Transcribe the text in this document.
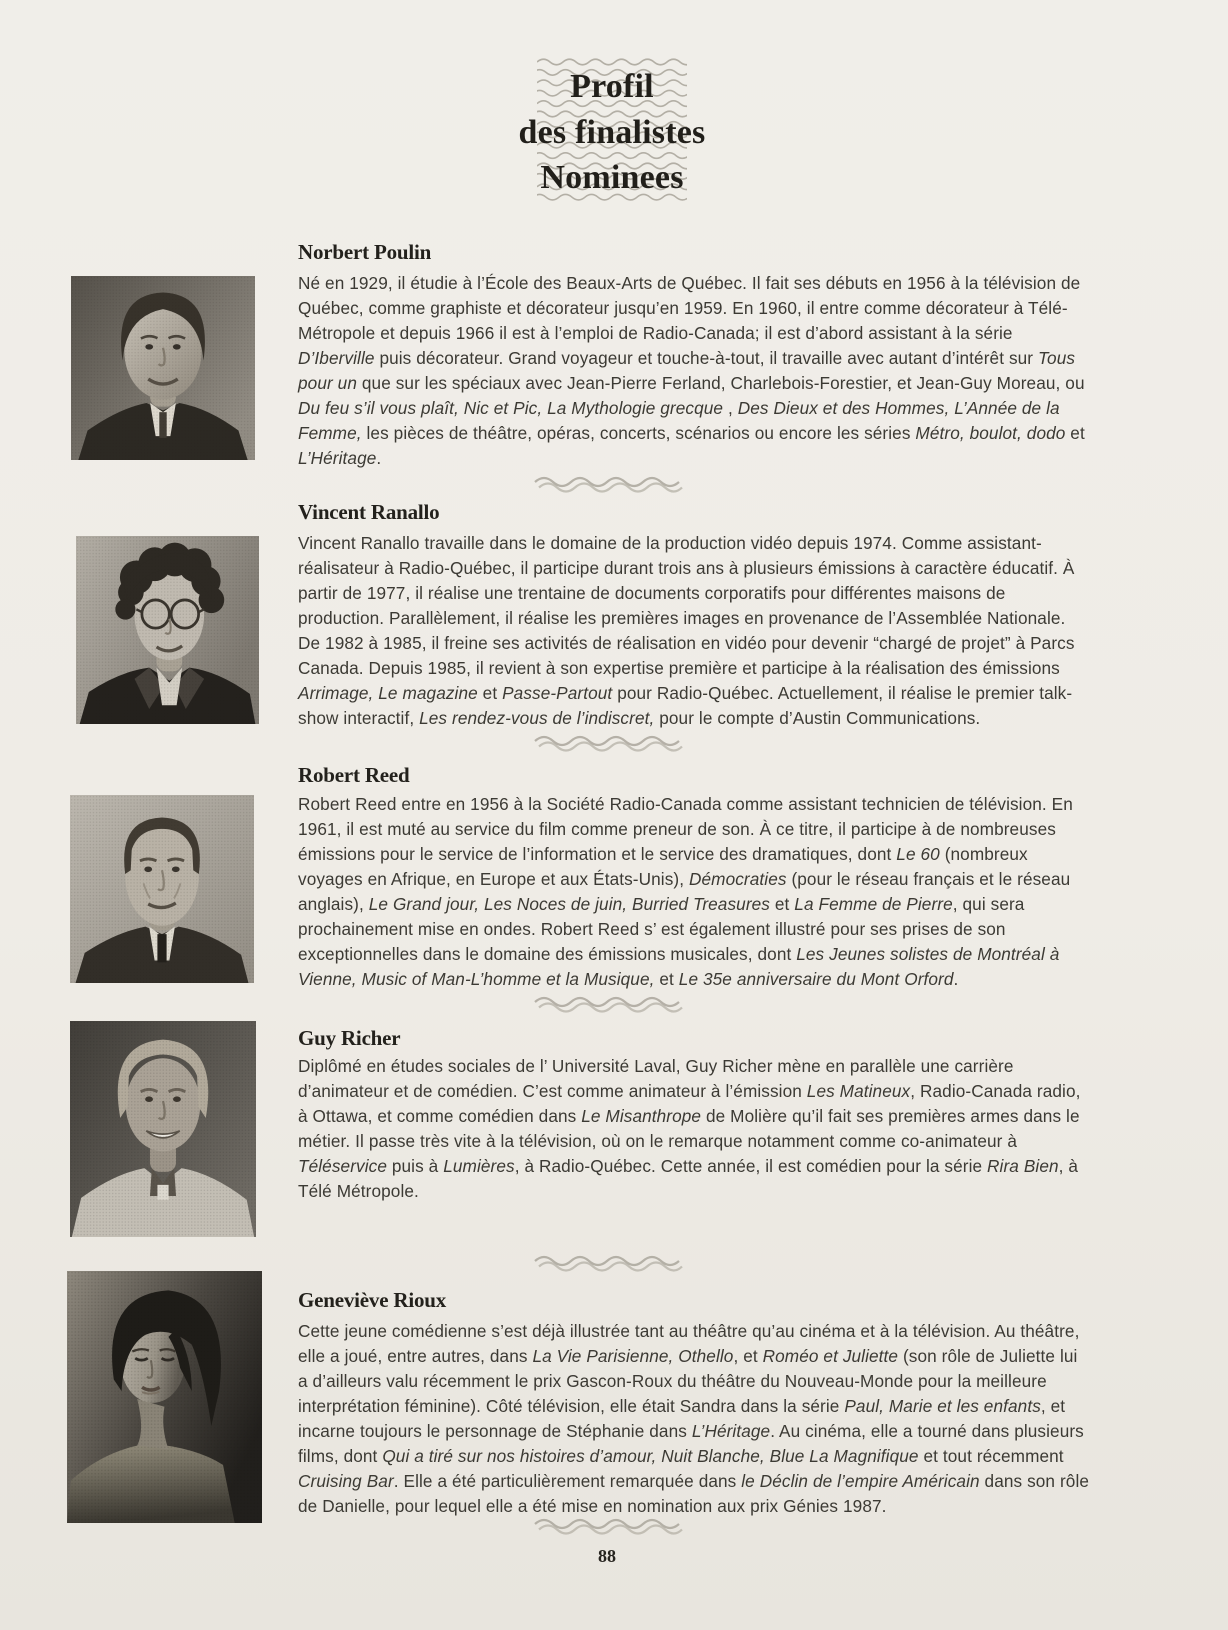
Profil
des finalistes
Nominees
Norbert Poulin

Né en 1929, il étudie à l’École des Beaux-Arts de Québec. Il fait ses débuts en 1956 à la télévision de Québec, comme graphiste et décorateur jusqu’en 1959. En 1960, il entre comme décorateur à Télé-Métropole et depuis 1966 il est à l’emploi de Radio-Canada; il est d’abord assistant à la série D’Iberville puis décorateur. Grand voyageur et touche-à-tout, il travaille avec autant d’intérêt sur Tous pour un que sur les spéciaux avec Jean-Pierre Ferland, Charlebois-Forestier, et Jean-Guy Moreau, ou Du feu s’il vous plaît, Nic et Pic, La Mythologie grecque , Des Dieux et des Hommes, L’Année de la Femme, les pièces de théâtre, opéras, concerts, scénarios ou encore les séries Métro, boulot, dodo et L’Héritage.

Vincent Ranallo

Vincent Ranallo travaille dans le domaine de la production vidéo depuis 1974. Comme assistant-réalisateur à Radio-Québec, il participe durant trois ans à plusieurs émissions à caractère éducatif. À partir de 1977, il réalise une trentaine de documents corporatifs pour différentes maisons de production. Parallèlement, il réalise les premières images en provenance de l’Assemblée Nationale. De 1982 à 1985, il freine ses activités de réalisation en vidéo pour devenir “chargé de projet” à Parcs Canada. Depuis 1985, il revient à son expertise première et participe à la réalisation des émissions Arrimage, Le magazine et Passe-Partout pour Radio-Québec. Actuellement, il réalise le premier talk-show interactif, Les rendez-vous de l’indiscret, pour le compte d’Austin Communications.

Robert Reed

Robert Reed entre en 1956 à la Société Radio-Canada comme assistant technicien de télévision. En 1961, il est muté au service du film comme preneur de son. À ce titre, il participe à de nombreuses émissions pour le service de l’information et le service des dramatiques, dont Le 60 (nombreux voyages en Afrique, en Europe et aux États-Unis), Démocraties (pour le réseau français et le réseau anglais), Le Grand jour, Les Noces de juin, Burried Treasures et La Femme de Pierre, qui sera prochainement mise en ondes. Robert Reed s’ est également illustré pour ses prises de son exceptionnelles dans le domaine des émissions musicales, dont Les Jeunes solistes de Montréal à Vienne, Music of Man-L’homme et la Musique, et Le 35e anniversaire du Mont Orford.

Guy Richer

Diplômé en études sociales de l’ Université Laval, Guy Richer mène en parallèle une carrière d’animateur et de comédien. C’est comme animateur à l’émission Les Matineux, Radio-Canada radio, à Ottawa, et comme comédien dans Le Misanthrope de Molière qu’il fait ses premières armes dans le métier. Il passe très vite à la télévision, où on le remarque notamment comme co-animateur à Téléservice puis à Lumières, à Radio-Québec. Cette année, il est comédien pour la série Rira Bien, à Télé Métropole.

Geneviève Rioux

Cette jeune comédienne s’est déjà illustrée tant au théâtre qu’au cinéma et à la télévision. Au théâtre, elle a joué, entre autres, dans La Vie Parisienne, Othello, et Roméo et Juliette (son rôle de Juliette lui a d’ailleurs valu récemment le prix Gascon-Roux du théâtre du Nouveau-Monde pour la meilleure interprétation féminine). Côté télévision, elle était Sandra dans la série Paul, Marie et les enfants, et incarne toujours le personnage de Stéphanie dans L’Héritage. Au cinéma, elle a tourné dans plusieurs films, dont Qui a tiré sur nos histoires d’amour, Nuit Blanche, Blue La Magnifique et tout récemment Cruising Bar. Elle a été particulièrement remarquée dans le Déclin de l’empire Américain dans son rôle de Danielle, pour lequel elle a été mise en nomination aux prix Génies 1987.

88
